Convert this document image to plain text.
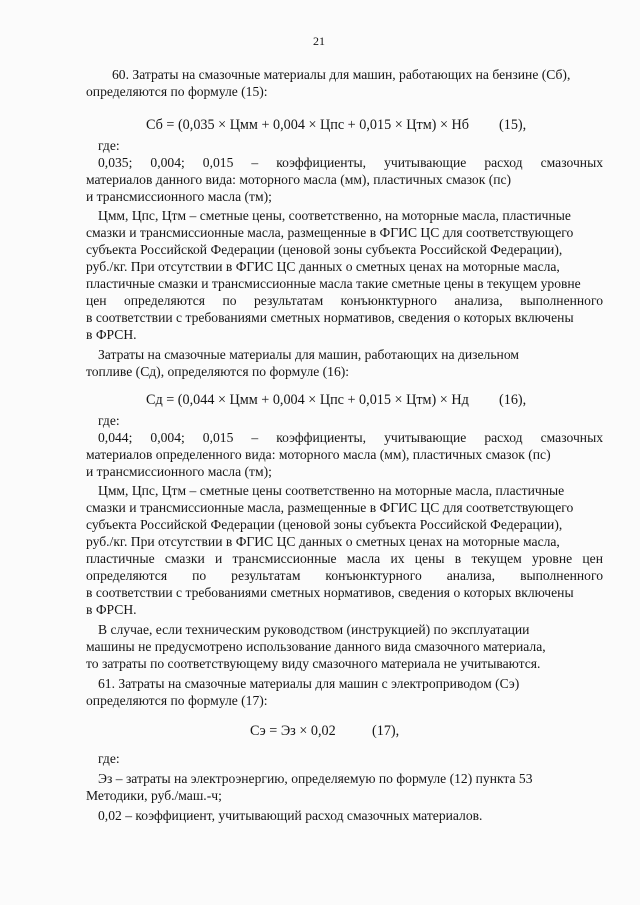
21

60. Затраты на смазочные материалы для машин, работающих на бензине (Сб),

определяются по формуле (15):

Сб = (0,035 × Цмм + 0,004 × Цпс + 0,015 × Цтм) × Нб (15),

где:

0,035; 0,004; 0,015 – коэффициенты, учитывающие расход смазочных

материалов данного вида: моторного масла (мм), пластичных смазок (пс)

и трансмиссионного масла (тм);

Цмм, Цпс, Цтм – сметные цены, соответственно, на моторные масла, пластичные

смазки и трансмиссионные масла, размещенные в ФГИС ЦС для соответствующего

субъекта Российской Федерации (ценовой зоны субъекта Российской Федерации),

руб./кг. При отсутствии в ФГИС ЦС данных о сметных ценах на моторные масла,

пластичные смазки и трансмиссионные масла такие сметные цены в текущем уровне

цен определяются по результатам конъюнктурного анализа, выполненного

в соответствии с требованиями сметных нормативов, сведения о которых включены

в ФРСН.

Затраты на смазочные материалы для машин, работающих на дизельном

топливе (Сд), определяются по формуле (16):

Сд = (0,044 × Цмм + 0,004 × Цпс + 0,015 × Цтм) × Нд (16),

где:

0,044; 0,004; 0,015 – коэффициенты, учитывающие расход смазочных

материалов определенного вида: моторного масла (мм), пластичных смазок (пс)

и трансмиссионного масла (тм);

Цмм, Цпс, Цтм – сметные цены соответственно на моторные масла, пластичные

смазки и трансмиссионные масла, размещенные в ФГИС ЦС для соответствующего

субъекта Российской Федерации (ценовой зоны субъекта Российской Федерации),

руб./кг. При отсутствии в ФГИС ЦС данных о сметных ценах на моторные масла,

пластичные смазки и трансмиссионные масла их цены в текущем уровне цен

определяются по результатам конъюнктурного анализа, выполненного

в соответствии с требованиями сметных нормативов, сведения о которых включены

в ФРСН.

В случае, если техническим руководством (инструкцией) по эксплуатации

машины не предусмотрено использование данного вида смазочного материала,

то затраты по соответствующему виду смазочного материала не учитываются.

61. Затраты на смазочные материалы для машин с электроприводом (Сэ)

определяются по формуле (17):

Сэ = Эз × 0,02	(17),

где:

Эз – затраты на электроэнергию, определяемую по формуле (12) пункта 53

Методики, руб./маш.-ч;

0,02 – коэффициент, учитывающий расход смазочных материалов.
